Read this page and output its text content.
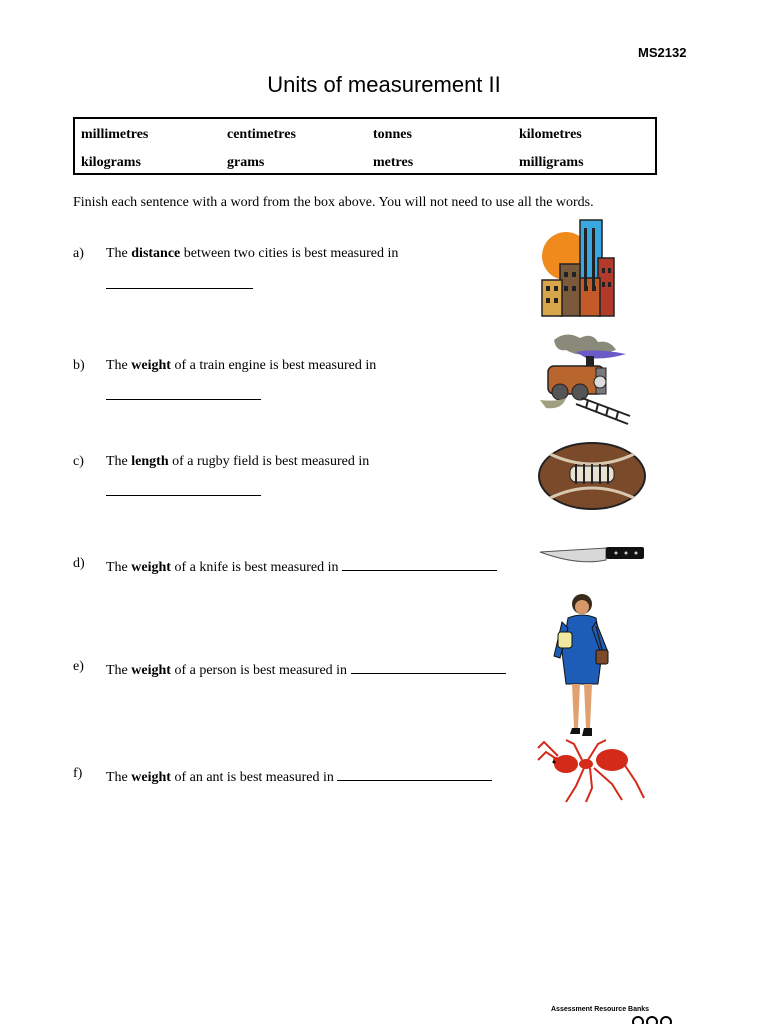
MS2132
Units of measurement II
millimetres	centimetres	tonnes	kilometres
kilograms	grams	metres	milligrams
Finish each sentence with a word from the box above. You will not need to use all the words.
a) The distance between two cities is best measured in
b) The weight of a train engine is best measured in
c) The length of a rugby field is best measured in
d) The weight of a knife is best measured in
e) The weight of a person is best measured in
f) The weight of an ant is best measured in
Assessment Resource Banks
